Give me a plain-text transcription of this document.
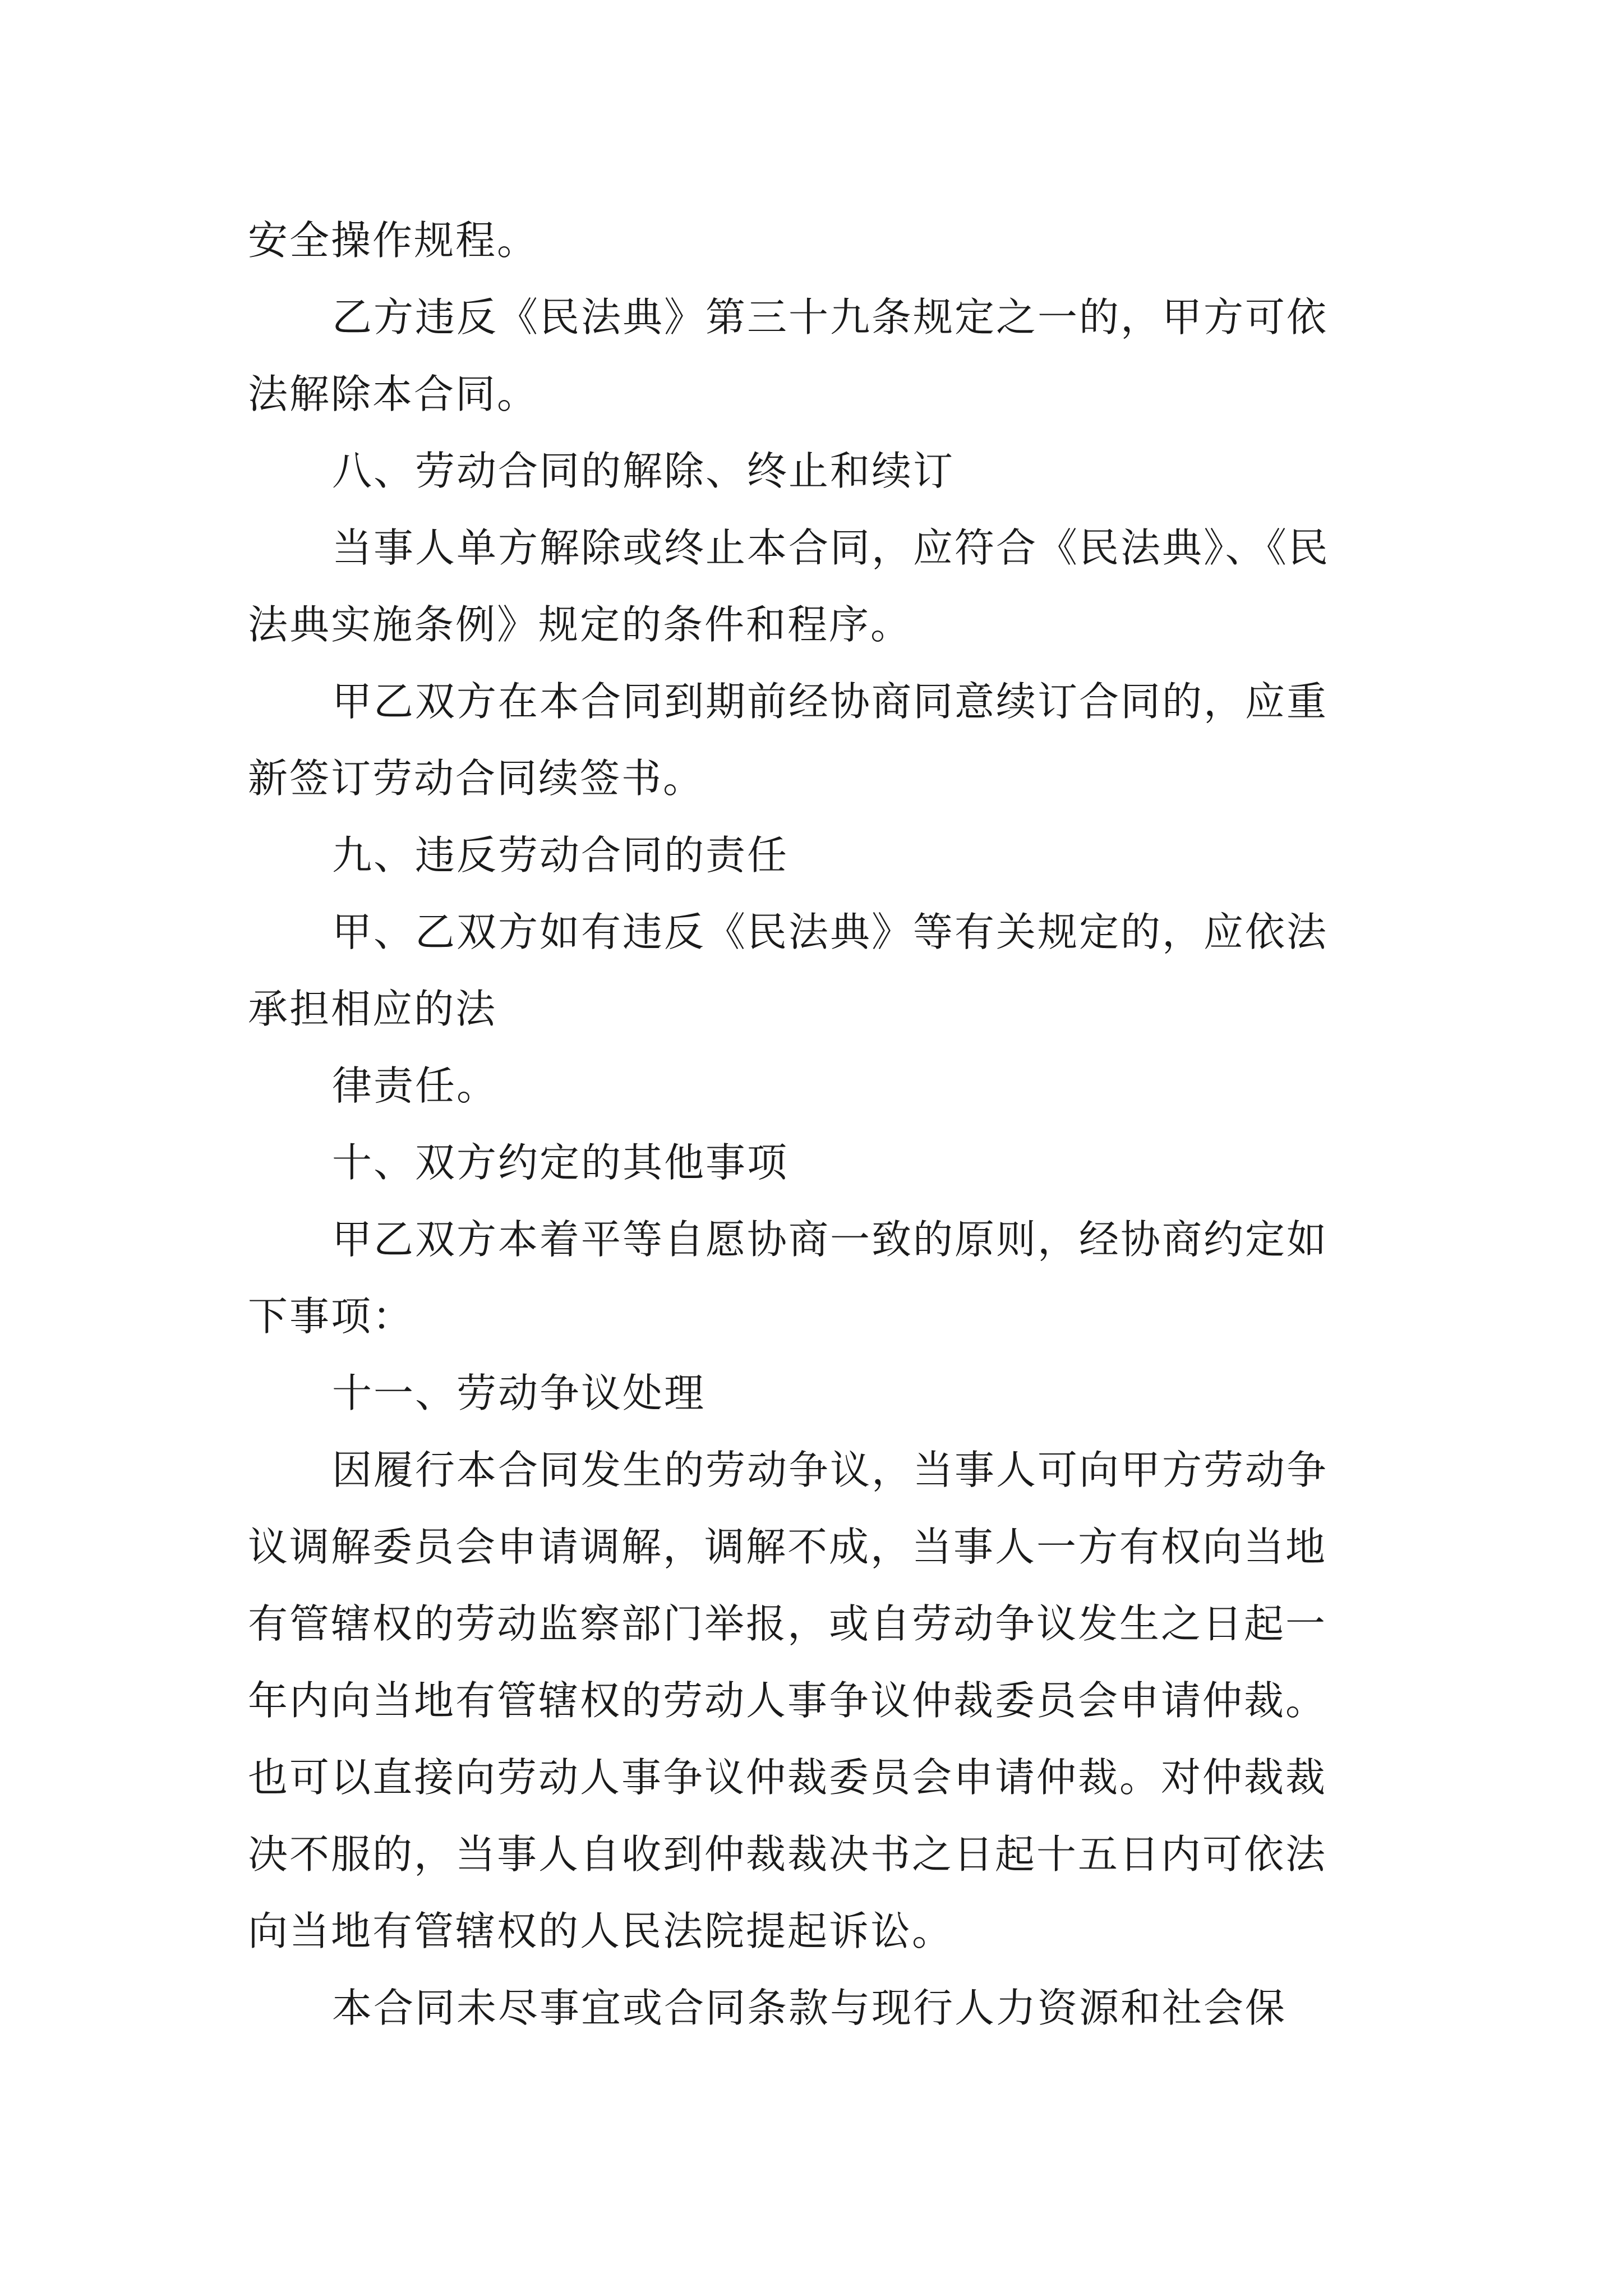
安全操作规程。
乙方违反《民法典》第三十九条规定之一的，甲方可依
法解除本合同。
八、劳动合同的解除、终止和续订
当事人单方解除或终止本合同，应符合《民法典》、《民
法典实施条例》规定的条件和程序。
甲乙双方在本合同到期前经协商同意续订合同的，应重
新签订劳动合同续签书。
九、违反劳动合同的责任
甲、乙双方如有违反《民法典》等有关规定的，应依法
承担相应的法
律责任。
十、双方约定的其他事项
甲乙双方本着平等自愿协商一致的原则，经协商约定如
下事项：
十一、劳动争议处理
因履行本合同发生的劳动争议，当事人可向甲方劳动争
议调解委员会申请调解，调解不成，当事人一方有权向当地
有管辖权的劳动监察部门举报，或自劳动争议发生之日起一
年内向当地有管辖权的劳动人事争议仲裁委员会申请仲裁。
也可以直接向劳动人事争议仲裁委员会申请仲裁。对仲裁裁
决不服的，当事人自收到仲裁裁决书之日起十五日内可依法
向当地有管辖权的人民法院提起诉讼。
本合同未尽事宜或合同条款与现行人力资源和社会保
